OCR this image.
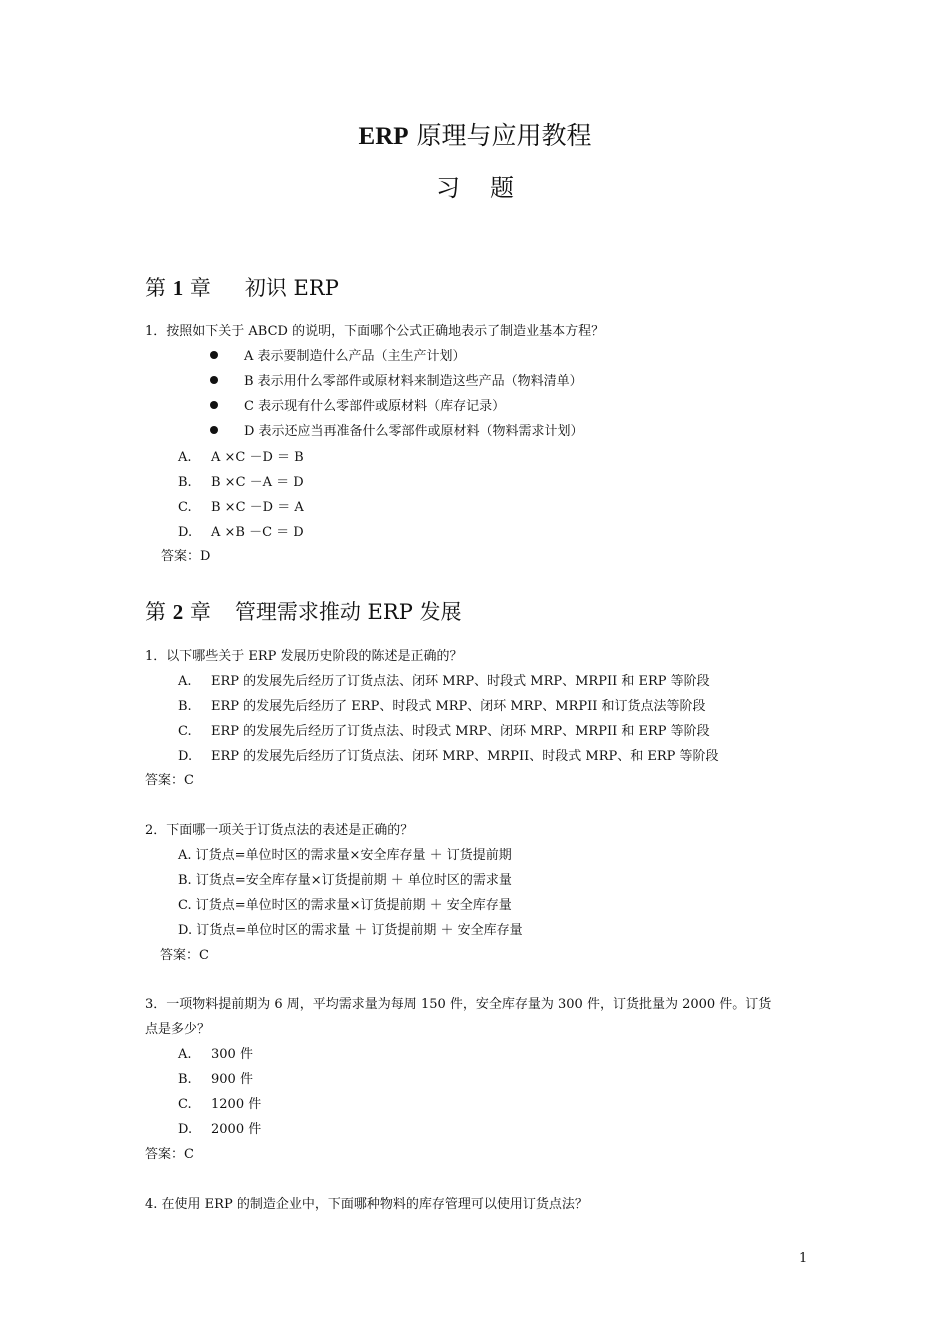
ERP 原理与应用教程
习题
第 1 章 初识 ERP
1．按照如下关于 ABCD 的说明，下面哪个公式正确地表示了制造业基本方程？
A 表示要制造什么产品（主生产计划）
B 表示用什么零部件或原材料来制造这些产品（物料清单）
C 表示现有什么零部件或原材料（库存记录）
D 表示还应当再准备什么零部件或原材料（物料需求计划）
A. A ×C －D ＝ B
B. B ×C －A ＝ D
C. B ×C －D ＝ A
D. A ×B －C ＝ D
答案：D
第 2 章 管理需求推动 ERP 发展
1．以下哪些关于 ERP 发展历史阶段的陈述是正确的？
A. ERP 的发展先后经历了订货点法、闭环 MRP、时段式 MRP、MRPII 和 ERP 等阶段
B. ERP 的发展先后经历了 ERP、时段式 MRP、闭环 MRP、MRPII 和订货点法等阶段
C. ERP 的发展先后经历了订货点法、时段式 MRP、闭环 MRP、MRPII 和 ERP 等阶段
D. ERP 的发展先后经历了订货点法、闭环 MRP、MRPII、时段式 MRP、和 ERP 等阶段
答案：C
2．下面哪一项关于订货点法的表述是正确的？
A. 订货点=单位时区的需求量×安全库存量 ＋ 订货提前期
B. 订货点=安全库存量×订货提前期 ＋ 单位时区的需求量
C. 订货点=单位时区的需求量×订货提前期 ＋ 安全库存量
D. 订货点=单位时区的需求量 ＋ 订货提前期 ＋ 安全库存量
答案：C
3．一项物料提前期为 6 周，平均需求量为每周 150 件，安全库存量为 300 件，订货批量为 2000 件。订货
点是多少？
A. 300 件
B. 900 件
C. 1200 件
D. 2000 件
答案：C
4. 在使用 ERP 的制造企业中，下面哪种物料的库存管理可以使用订货点法？
1
